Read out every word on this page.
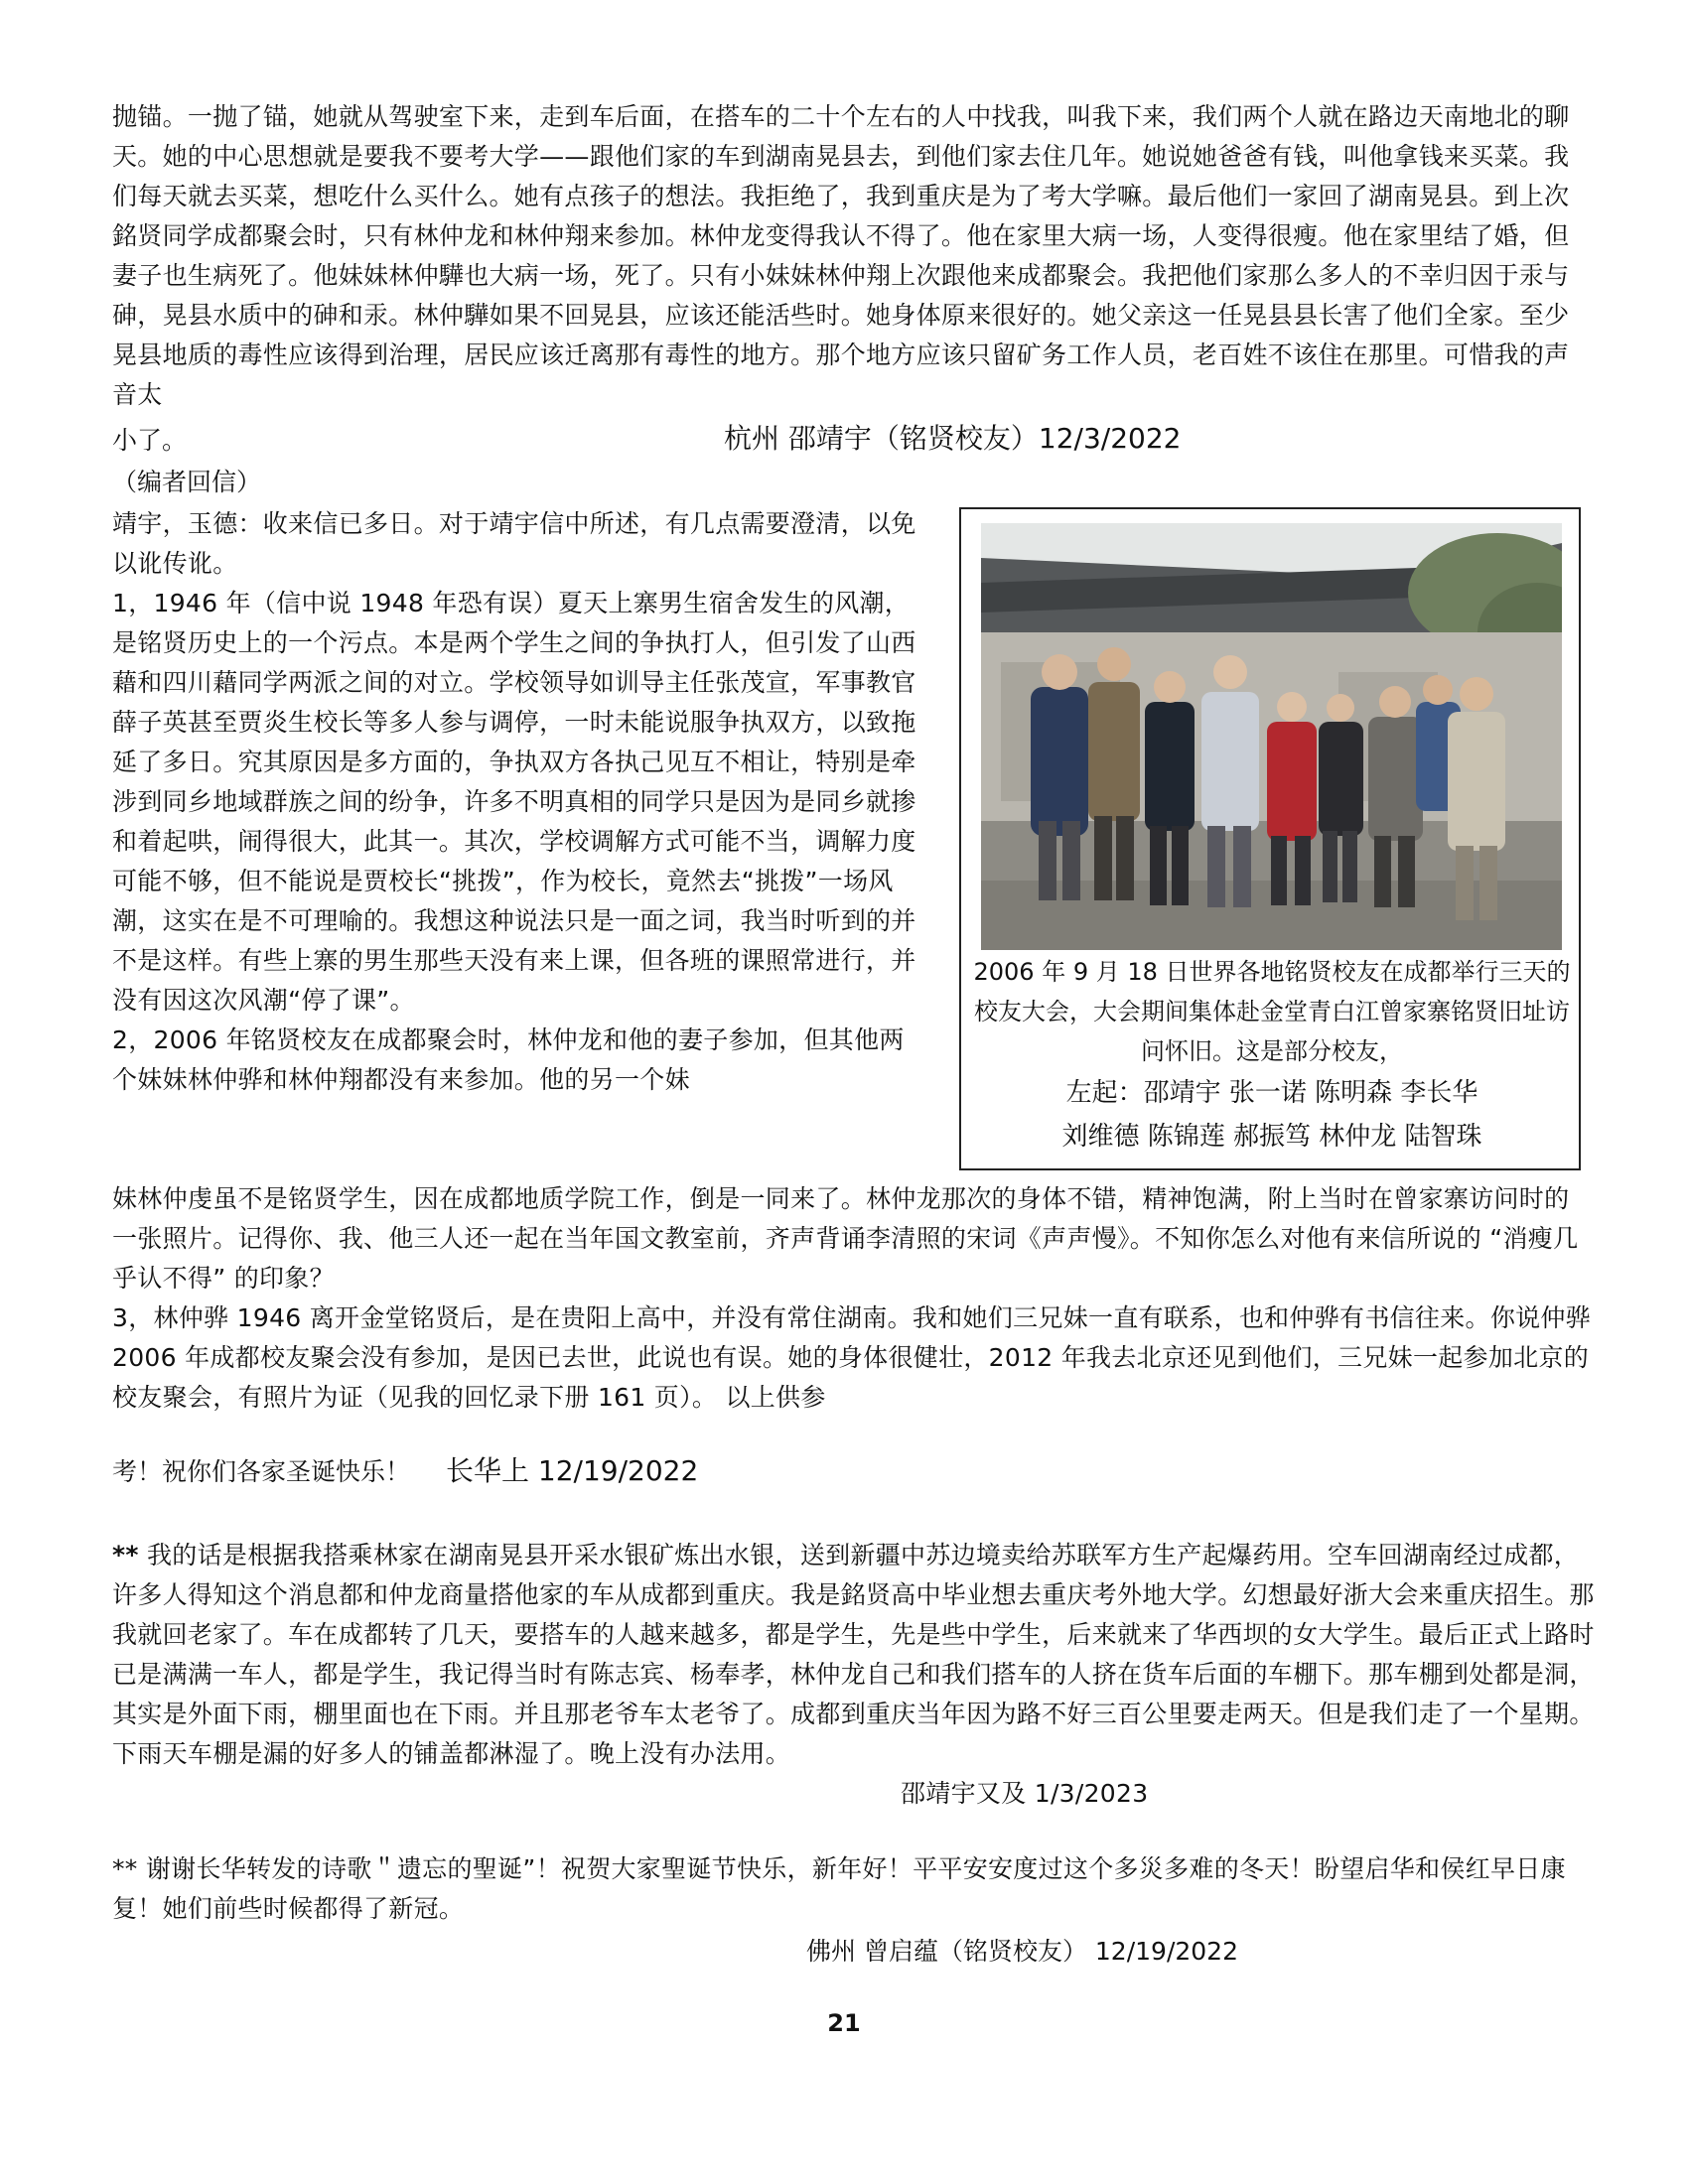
抛锚。一抛了锚，她就从驾驶室下来，走到车后面，在搭车的二十个左右的人中找我，叫我下来，我们两个人就在路边天南地北的聊天。她的中心思想就是要我不要考大学——跟他们家的车到湖南晃县去，到他们家去住几年。她说她爸爸有钱，叫他拿钱来买菜。我们每天就去买菜，想吃什么买什么。她有点孩子的想法。我拒绝了，我到重庆是为了考大学嘛。最后他们一家回了湖南晃县。到上次銘贤同学成都聚会时，只有林仲龙和林仲翔来参加。林仲龙变得我认不得了。他在家里大病一场，人变得很瘦。他在家里结了婚，但妻子也生病死了。他妹妹林仲驊也大病一场，死了。只有小妹妹林仲翔上次跟他来成都聚会。我把他们家那么多人的不幸归因于汞与砷，晃县水质中的砷和汞。林仲驊如果不回晃县，应该还能活些时。她身体原来很好的。她父亲这一任晃县县长害了他们全家。至少晃县地质的毒性应该得到治理，居民应该迁离那有毒性的地方。那个地方应该只留矿务工作人员，老百姓不该住在那里。可惜我的声音太
小了。	杭州 邵靖宇（铭贤校友）12/3/2022
（编者回信）

靖宇，玉德：收来信已多日。对于靖宇信中所述，有几点需要澄清，以免以讹传讹。

1，1946 年（信中说 1948 年恐有误）夏天上寨男生宿舍发生的风潮，是铭贤历史上的一个污点。本是两个学生之间的争执打人，但引发了山西藉和四川藉同学两派之间的对立。学校领导如训导主任张茂宣，军事教官薛子英甚至贾炎生校长等多人参与调停，一时未能说服争执双方，以致拖延了多日。究其原因是多方面的，争执双方各执己见互不相让，特别是牵涉到同乡地域群族之间的纷争，许多不明真相的同学只是因为是同乡就掺和着起哄，闹得很大，此其一。其次，学校调解方式可能不当，调解力度可能不够，但不能说是贾校长“挑拨”，作为校长，竟然去“挑拨”一场风潮，这实在是不可理喻的。我想这种说法只是一面之词，我当时听到的并不是这样。有些上寨的男生那些天没有来上课，但各班的课照常进行，并没有因这次风潮“停了课”。

2，2006 年铭贤校友在成都聚会时，林仲龙和他的妻子参加，但其他两个妹妹林仲骅和林仲翔都没有来参加。他的另一个妹

2006 年 9 月 18 日世界各地铭贤校友在成都举行三天的校友大会，大会期间集体赴金堂青白江曾家寨铭贤旧址访问怀旧。这是部分校友，
左起：邵靖宇 张一诺 陈明森 李长华
刘维德 陈锦莲 郝振笃 林仲龙 陆智珠

妹林仲虔虽不是铭贤学生，因在成都地质学院工作，倒是一同来了。林仲龙那次的身体不错，精神饱满，附上当时在曾家寨访问时的一张照片。记得你、我、他三人还一起在当年国文教室前，齐声背诵李清照的宋词《声声慢》。不知你怎么对他有来信所说的 “消瘦几乎认不得” 的印象？

3，林仲骅 1946 离开金堂铭贤后，是在贵阳上高中，并没有常住湖南。我和她们三兄妹一直有联系，也和仲骅有书信往来。你说仲骅 2006 年成都校友聚会没有参加，是因已去世，此说也有误。她的身体很健壮，2012 年我去北京还见到他们，三兄妹一起参加北京的校友聚会，有照片为证（见我的回忆录下册 161 页）。 以上供参

考！祝你们各家圣诞快乐！ 长华上 12/19/2022

** 我的话是根据我搭乘林家在湖南晃县开采水银矿炼出水银，送到新疆中苏边境卖给苏联军方生产起爆药用。空车回湖南经过成都，许多人得知这个消息都和仲龙商量搭他家的车从成都到重庆。我是銘贤高中毕业想去重庆考外地大学。幻想最好浙大会来重庆招生。那我就回老家了。车在成都转了几天，要搭车的人越来越多，都是学生，先是些中学生，后来就来了华西坝的女大学生。最后正式上路时已是满满一车人，都是学生，我记得当时有陈志宾、杨奉孝，林仲龙自己和我们搭车的人挤在货车后面的车棚下。那车棚到处都是洞，其实是外面下雨，棚里面也在下雨。并且那老爷车太老爷了。成都到重庆当年因为路不好三百公里要走两天。但是我们走了一个星期。下雨天车棚是漏的好多人的铺盖都淋湿了。晚上没有办法用。

邵靖宇又及 1/3/2023

** 谢谢长华转发的诗歌＂遗忘的聖诞”！祝贺大家聖诞节快乐，新年好！平平安安度过这个多災多难的冬天！盼望启华和侯红早日康复！她们前些时候都得了新冠。

佛州 曾启蕴（铭贤校友） 12/19/2022
21
